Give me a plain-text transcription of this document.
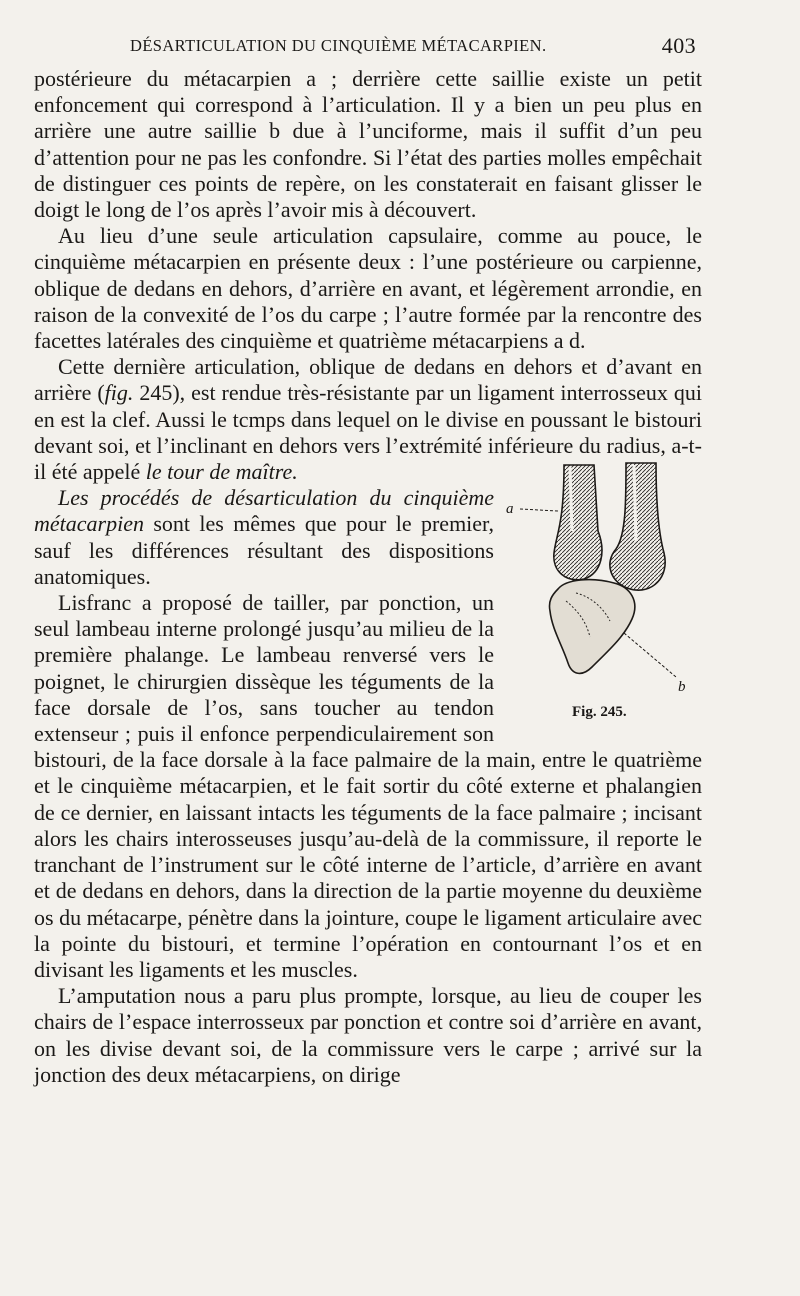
DÉSARTICULATION DU CINQUIÈME MÉTACARPIEN.	403

postérieure du métacarpien a ; derrière cette saillie existe un petit enfoncement qui correspond à l’articulation. Il y a bien un peu plus en arrière une autre saillie b due à l’unciforme, mais il suffit d’un peu d’attention pour ne pas les confondre. Si l’état des parties molles empêchait de distinguer ces points de repère, on les constaterait en faisant glisser le doigt le long de l’os après l’avoir mis à découvert.

Au lieu d’une seule articulation capsulaire, comme au pouce, le cinquième métacarpien en présente deux : l’une postérieure ou carpienne, oblique de dedans en dehors, d’arrière en avant, et légèrement arrondie, en raison de la convexité de l’os du carpe ; l’autre formée par la rencontre des facettes latérales des cinquième et quatrième métacarpiens a d.

Cette dernière articulation, oblique de dedans en dehors et d’avant en arrière (fig. 245), est rendue très-résistante par un ligament interrosseux qui en est la clef. Aussi le tcmps dans lequel on le divise en poussant le bistouri devant soi, et l’inclinant en dehors vers l’extrémité inférieure du radius, a-t-il été appelé
a
b
Fig. 245.
le tour de maître.

Les procédés de désarticulation du cinquième métacarpien sont les mêmes que pour le premier, sauf les différences résultant des dispositions anatomiques.

Lisfranc a proposé de tailler, par ponction, un seul lambeau interne prolongé jusqu’au milieu de la première phalange. Le lambeau renversé vers le poignet, le chirurgien dissèque les téguments de la face dorsale de l’os, sans toucher au tendon extenseur ; puis il enfonce perpendiculairement son bistouri, de la face dorsale à la face palmaire de la main, entre le quatrième et le cinquième métacarpien, et le fait sortir du côté externe et phalangien de ce dernier, en laissant intacts les téguments de la face palmaire ; incisant alors les chairs interosseuses jusqu’au-delà de la commissure, il reporte le tranchant de l’instrument sur le côté interne de l’article, d’arrière en avant et de dedans en dehors, dans la direction de la partie moyenne du deuxième os du métacarpe, pénètre dans la jointure, coupe le ligament articulaire avec la pointe du bistouri, et termine l’opération en contournant l’os et en divisant les ligaments et les muscles.

L’amputation nous a paru plus prompte, lorsque, au lieu de couper les chairs de l’espace interrosseux par ponction et contre soi d’arrière en avant, on les divise devant soi, de la commissure vers le carpe ; arrivé sur la jonction des deux métacarpiens, on dirige
